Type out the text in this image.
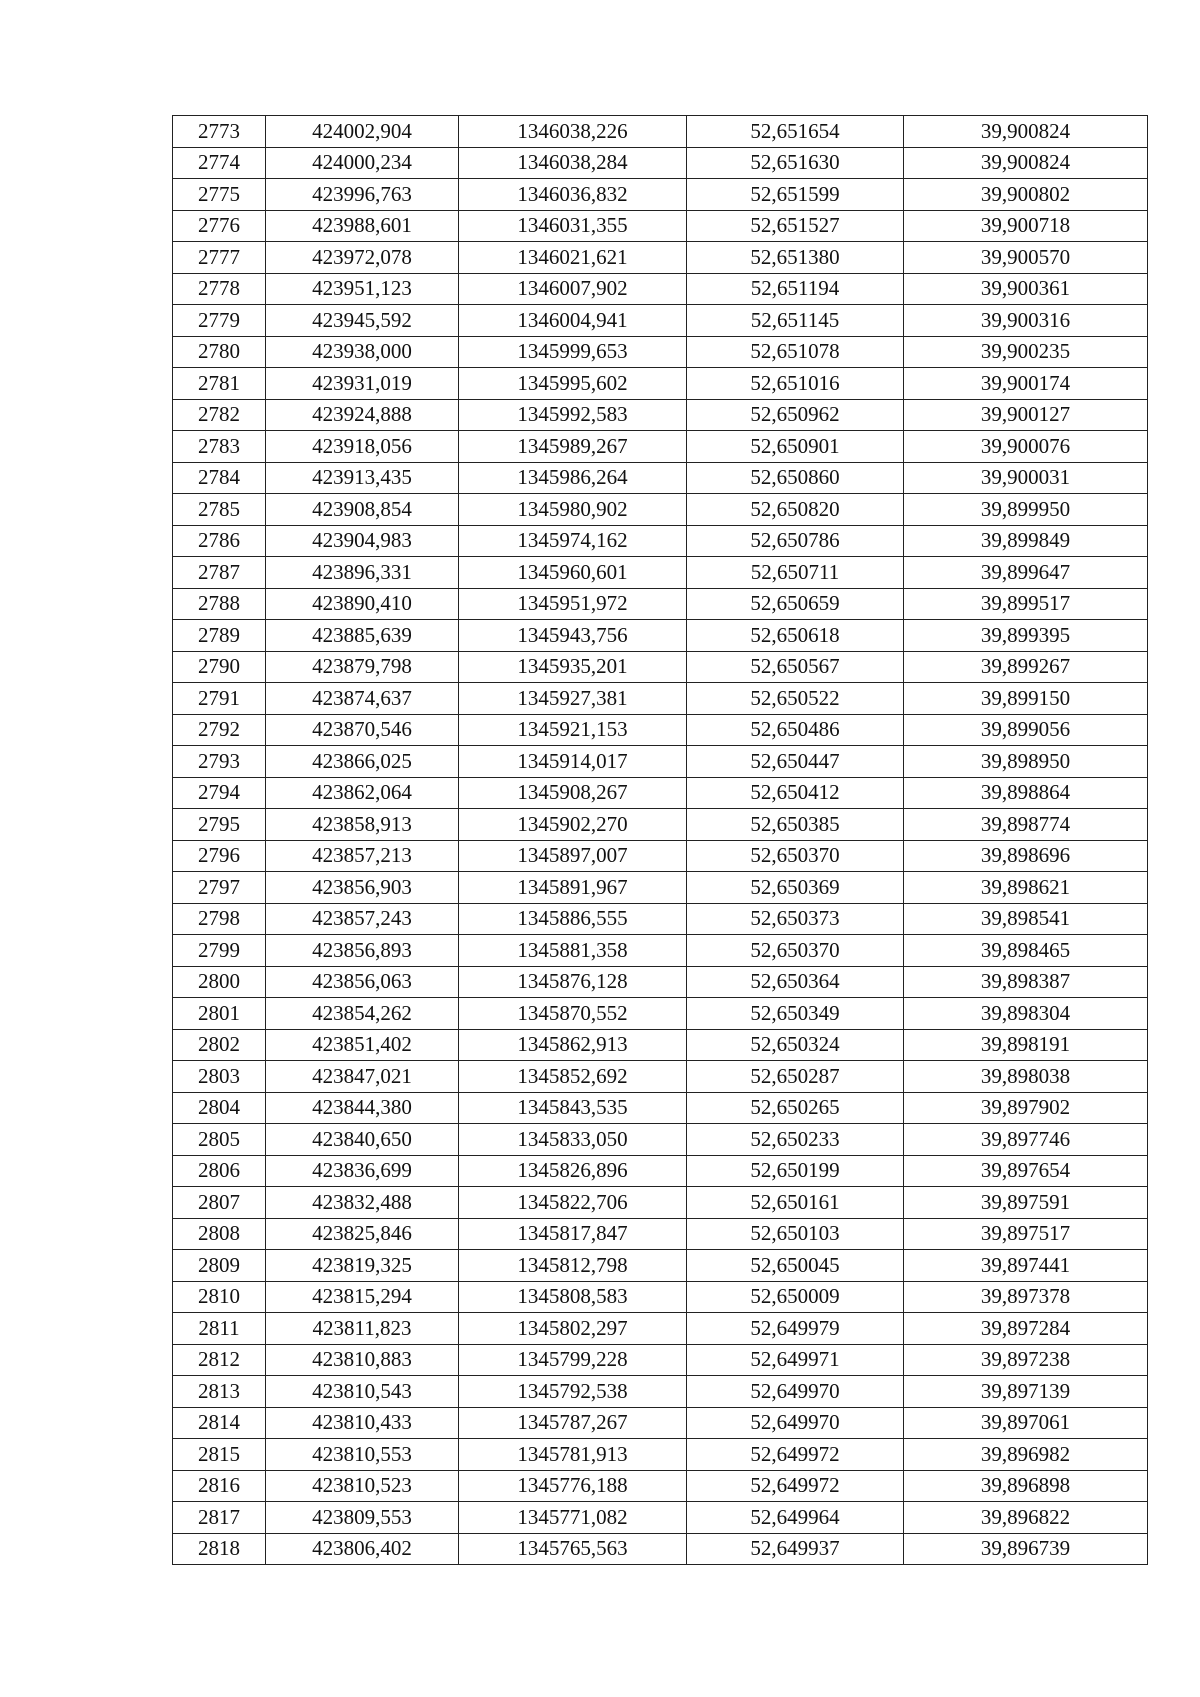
2773	424002,904	1346038,226	52,651654	39,900824
2774	424000,234	1346038,284	52,651630	39,900824
2775	423996,763	1346036,832	52,651599	39,900802
2776	423988,601	1346031,355	52,651527	39,900718
2777	423972,078	1346021,621	52,651380	39,900570
2778	423951,123	1346007,902	52,651194	39,900361
2779	423945,592	1346004,941	52,651145	39,900316
2780	423938,000	1345999,653	52,651078	39,900235
2781	423931,019	1345995,602	52,651016	39,900174
2782	423924,888	1345992,583	52,650962	39,900127
2783	423918,056	1345989,267	52,650901	39,900076
2784	423913,435	1345986,264	52,650860	39,900031
2785	423908,854	1345980,902	52,650820	39,899950
2786	423904,983	1345974,162	52,650786	39,899849
2787	423896,331	1345960,601	52,650711	39,899647
2788	423890,410	1345951,972	52,650659	39,899517
2789	423885,639	1345943,756	52,650618	39,899395
2790	423879,798	1345935,201	52,650567	39,899267
2791	423874,637	1345927,381	52,650522	39,899150
2792	423870,546	1345921,153	52,650486	39,899056
2793	423866,025	1345914,017	52,650447	39,898950
2794	423862,064	1345908,267	52,650412	39,898864
2795	423858,913	1345902,270	52,650385	39,898774
2796	423857,213	1345897,007	52,650370	39,898696
2797	423856,903	1345891,967	52,650369	39,898621
2798	423857,243	1345886,555	52,650373	39,898541
2799	423856,893	1345881,358	52,650370	39,898465
2800	423856,063	1345876,128	52,650364	39,898387
2801	423854,262	1345870,552	52,650349	39,898304
2802	423851,402	1345862,913	52,650324	39,898191
2803	423847,021	1345852,692	52,650287	39,898038
2804	423844,380	1345843,535	52,650265	39,897902
2805	423840,650	1345833,050	52,650233	39,897746
2806	423836,699	1345826,896	52,650199	39,897654
2807	423832,488	1345822,706	52,650161	39,897591
2808	423825,846	1345817,847	52,650103	39,897517
2809	423819,325	1345812,798	52,650045	39,897441
2810	423815,294	1345808,583	52,650009	39,897378
2811	423811,823	1345802,297	52,649979	39,897284
2812	423810,883	1345799,228	52,649971	39,897238
2813	423810,543	1345792,538	52,649970	39,897139
2814	423810,433	1345787,267	52,649970	39,897061
2815	423810,553	1345781,913	52,649972	39,896982
2816	423810,523	1345776,188	52,649972	39,896898
2817	423809,553	1345771,082	52,649964	39,896822
2818	423806,402	1345765,563	52,649937	39,896739
